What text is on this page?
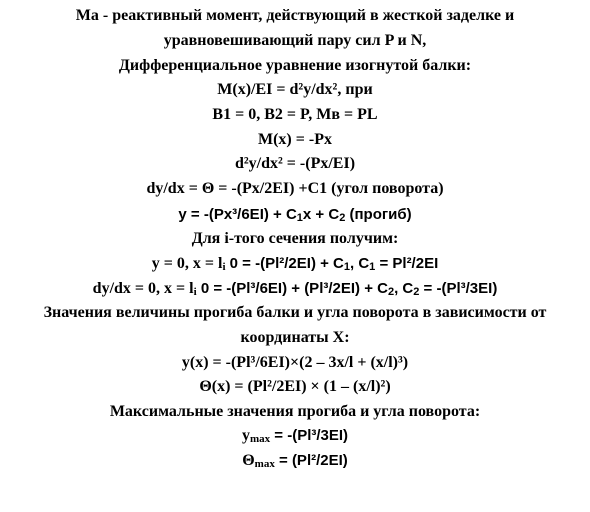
Ма - реактивный момент, действующий в жесткой заделке и
уравновешивающий пару сил P и N,
Дифференциальное уравнение изогнутой балки:
M(x)/EI = d²y/dx², при
B1 = 0, B2 = P, Mв = PL
M(x) = -Px
d²y/dx² = -(Px/EI)
dy/dx = Θ = -(Px/2EI) +C1 (угол поворота)
y = -(Px³/6EI) + C1x + C2 (прогиб)
Для i-того сечения получим:
y = 0, x = li 0 = -(Pl²/2EI) + C1, C1 = Pl²/2EI
dy/dx = 0, x = li 0 = -(Pl³/6EI) + (Pl³/2EI) + C2, C2 = -(Pl³/3EI)
Значения величины прогиба балки и угла поворота в зависимости от
координаты X:
y(x) = -(Pl³/6EI)×(2 – 3x/l + (x/l)³)
Θ(x) = (Pl²/2EI) × (1 – (x/l)²)
Максимальные значения прогиба и угла поворота:
ymax = -(Pl³/3EI)
Θmax = (Pl²/2EI)
